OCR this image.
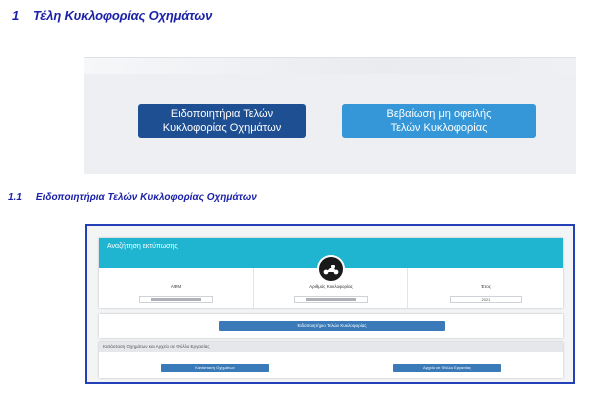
1 Τέλη Κυκλοφορίας Οχημάτων
Ειδοποιητήρια Τελών
Κυκλοφορίας Οχημάτων
Βεβαίωση μη οφειλής
Τελών Κυκλοφορίας
1.1 Ειδοποιητήρια Τελών Κυκλοφορίας Οχημάτων
Αναζήτηση εκτύπωσης
ΑΦΜ	Αριθμός Κυκλοφορίας	Έτος
2021
Ειδοποιητήριο Τελών Κυκλοφορίας
Κατάσταση Οχημάτων και Αρχείο σε Φύλλο Εργασίας
Κατάσταση Οχημάτων	Αρχείο σε Φύλλο Εργασίας
